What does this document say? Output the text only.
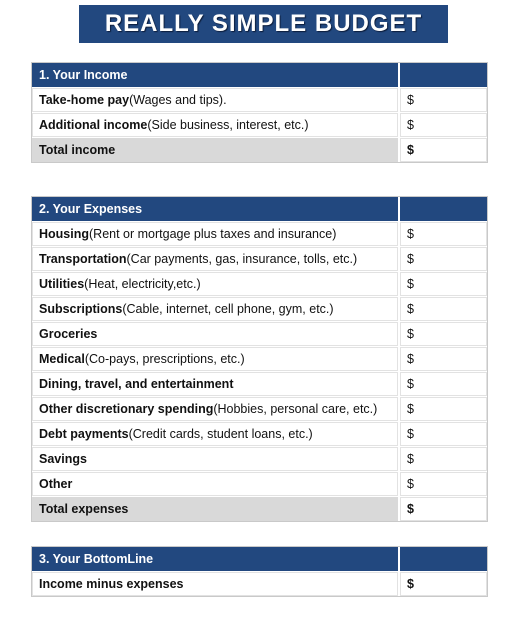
REALLY SIMPLE BUDGET
1. Your Income
Take-home pay (Wages and tips).	$
Additional income (Side business, interest, etc.)	$
Total income	$
2. Your Expenses
Housing (Rent or mortgage plus taxes and insurance)	$
Transportation (Car payments, gas, insurance, tolls, etc.)	$
Utilities (Heat, electricity,etc.)	$
Subscriptions (Cable, internet, cell phone, gym, etc.)	$
Groceries	$
Medical (Co-pays, prescriptions, etc.)	$
Dining, travel, and entertainment	$
Other discretionary spending (Hobbies, personal care, etc.)	$
Debt payments (Credit cards, student loans, etc.)	$
Savings	$
Other	$
Total expenses	$
3. Your BottomLine
Income minus expenses	$
